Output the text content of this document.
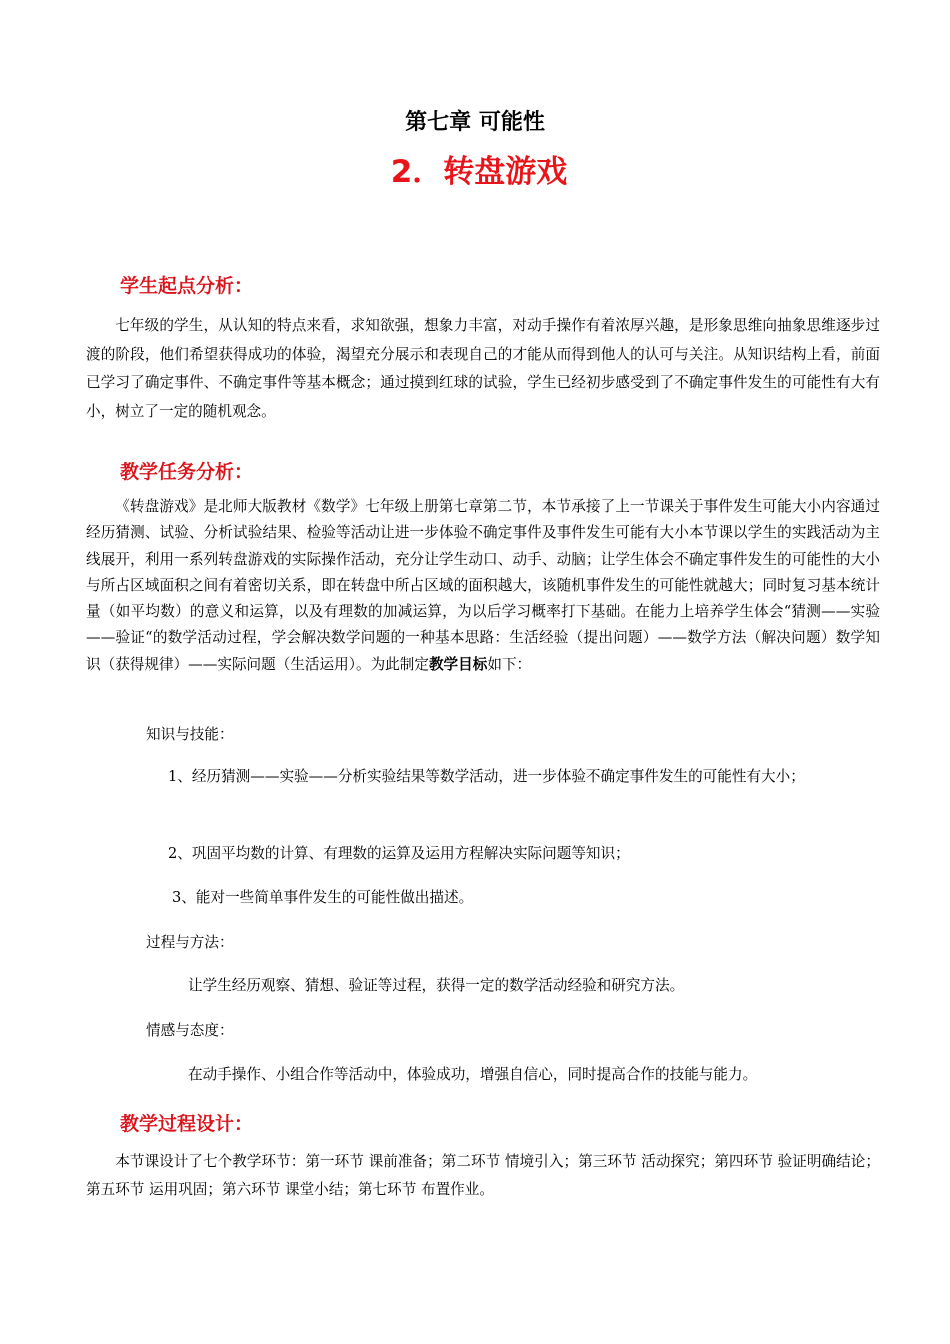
第七章 可能性
2．转盘游戏
学生起点分析：
七年级的学生，从认知的特点来看，求知欲强，想象力丰富，对动手操作有着浓厚兴趣，是形象思维向抽象思维逐步过渡的阶段，他们希望获得成功的体验，渴望充分展示和表现自己的才能从而得到他人的认可与关注。从知识结构上看，前面已学习了确定事件、不确定事件等基本概念；通过摸到红球的试验，学生已经初步感受到了不确定事件发生的可能性有大有小，树立了一定的随机观念。
教学任务分析：
《转盘游戏》是北师大版教材《数学》七年级上册第七章第二节，本节承接了上一节课关于事件发生可能大小内容通过经历猜测、试验、分析试验结果、检验等活动让进一步体验不确定事件及事件发生可能有大小本节课以学生的实践活动为主线展开，利用一系列转盘游戏的实际操作活动，充分让学生动口、动手、动脑；让学生体会不确定事件发生的可能性的大小与所占区域面积之间有着密切关系，即在转盘中所占区域的面积越大，该随机事件发生的可能性就越大；同时复习基本统计量（如平均数）的意义和运算，以及有理数的加减运算，为以后学习概率打下基础。在能力上培养学生体会“猜测——实验——验证“的数学活动过程，学会解决数学问题的一种基本思路：生活经验（提出问题）——数学方法（解决问题）数学知识（获得规律）——实际问题（生活运用）。为此制定教学目标如下：
知识与技能：
1、经历猜测——实验——分析实验结果等数学活动，进一步体验不确定事件发生的可能性有大小；
2、巩固平均数的计算、有理数的运算及运用方程解决实际问题等知识；
3、能对一些简单事件发生的可能性做出描述。
过程与方法：
让学生经历观察、猜想、验证等过程，获得一定的数学活动经验和研究方法。
情感与态度：
在动手操作、小组合作等活动中，体验成功，增强自信心，同时提高合作的技能与能力。
教学过程设计：
本节课设计了七个教学环节：第一环节 课前准备；第二环节 情境引入；第三环节 活动探究；第四环节 验证明确结论；第五环节 运用巩固；第六环节 课堂小结；第七环节 布置作业。
